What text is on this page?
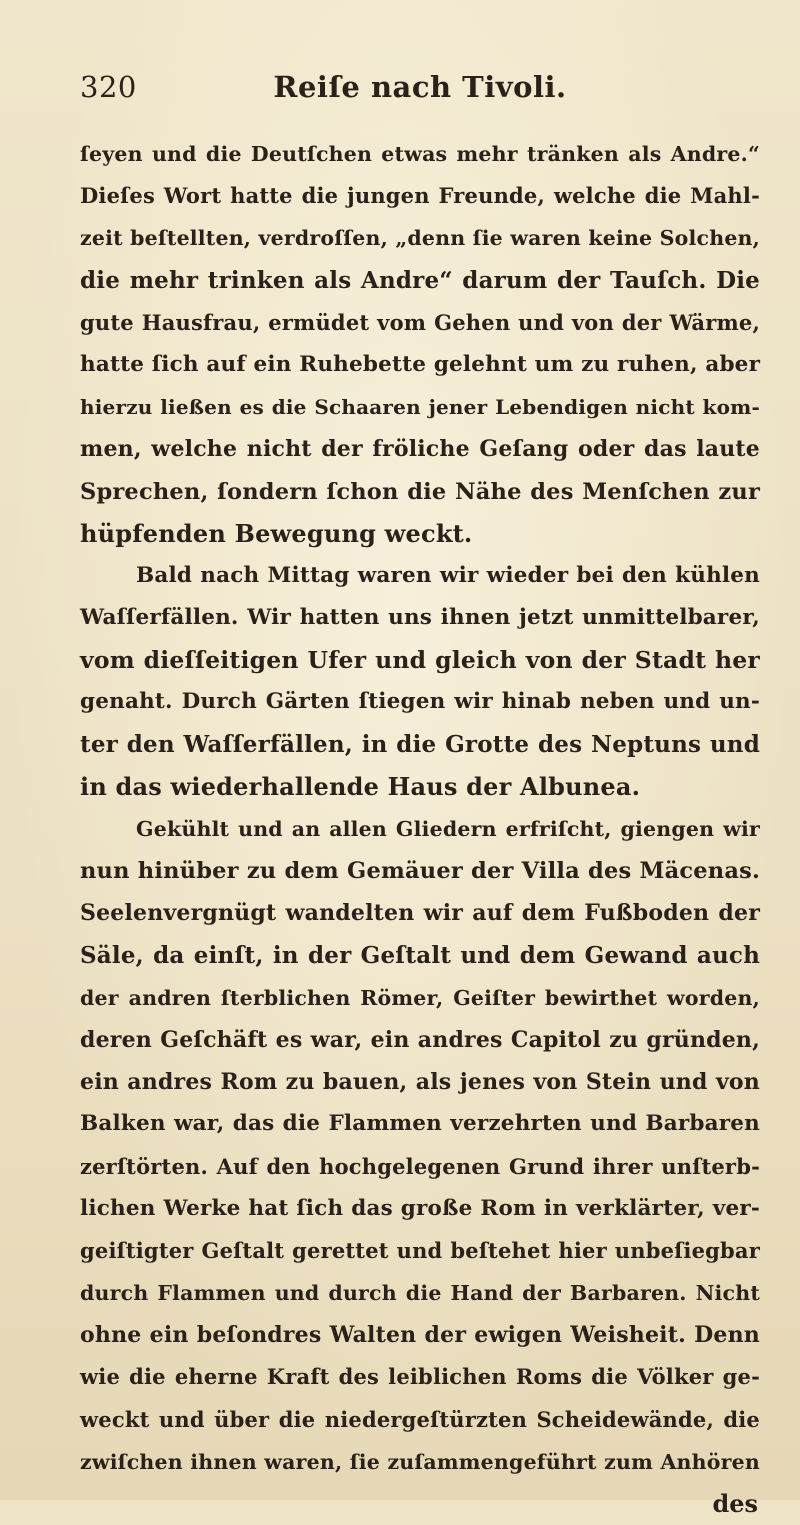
320	Reiſe nach Tivoli.
ſeyen und die Deutſchen etwas mehr tränken als Andre.“
Dieſes Wort hatte die jungen Freunde, welche die Mahl-
zeit beſtellten, verdroſſen, „denn ſie waren keine Solchen,
die mehr trinken als Andre“ darum der Tauſch. Die
gute Hausfrau, ermüdet vom Gehen und von der Wärme,
hatte ſich auf ein Ruhebette gelehnt um zu ruhen, aber
hierzu ließen es die Schaaren jener Lebendigen nicht kom-
men, welche nicht der fröliche Geſang oder das laute
Sprechen, ſondern ſchon die Nähe des Menſchen zur
hüpfenden Bewegung weckt.
Bald nach Mittag waren wir wieder bei den kühlen
Waſſerfällen. Wir hatten uns ihnen jetzt unmittelbarer,
vom dieſſeitigen Ufer und gleich von der Stadt her
genaht. Durch Gärten ſtiegen wir hinab neben und un-
ter den Waſſerfällen, in die Grotte des Neptuns und
in das wiederhallende Haus der Albunea.
Gekühlt und an allen Gliedern erfriſcht, giengen wir
nun hinüber zu dem Gemäuer der Villa des Mäcenas.
Seelenvergnügt wandelten wir auf dem Fußboden der
Säle, da einſt, in der Geſtalt und dem Gewand auch
der andren ſterblichen Römer, Geiſter bewirthet worden,
deren Geſchäft es war, ein andres Capitol zu gründen,
ein andres Rom zu bauen, als jenes von Stein und von
Balken war, das die Flammen verzehrten und Barbaren
zerſtörten. Auf den hochgelegenen Grund ihrer unſterb-
lichen Werke hat ſich das große Rom in verklärter, ver-
geiſtigter Geſtalt gerettet und beſtehet hier unbeſiegbar
durch Flammen und durch die Hand der Barbaren. Nicht
ohne ein beſondres Walten der ewigen Weisheit. Denn
wie die eherne Kraft des leiblichen Roms die Völker ge-
weckt und über die niedergeſtürzten Scheidewände, die
zwiſchen ihnen waren, ſie zuſammengeführt zum Anhören
des
